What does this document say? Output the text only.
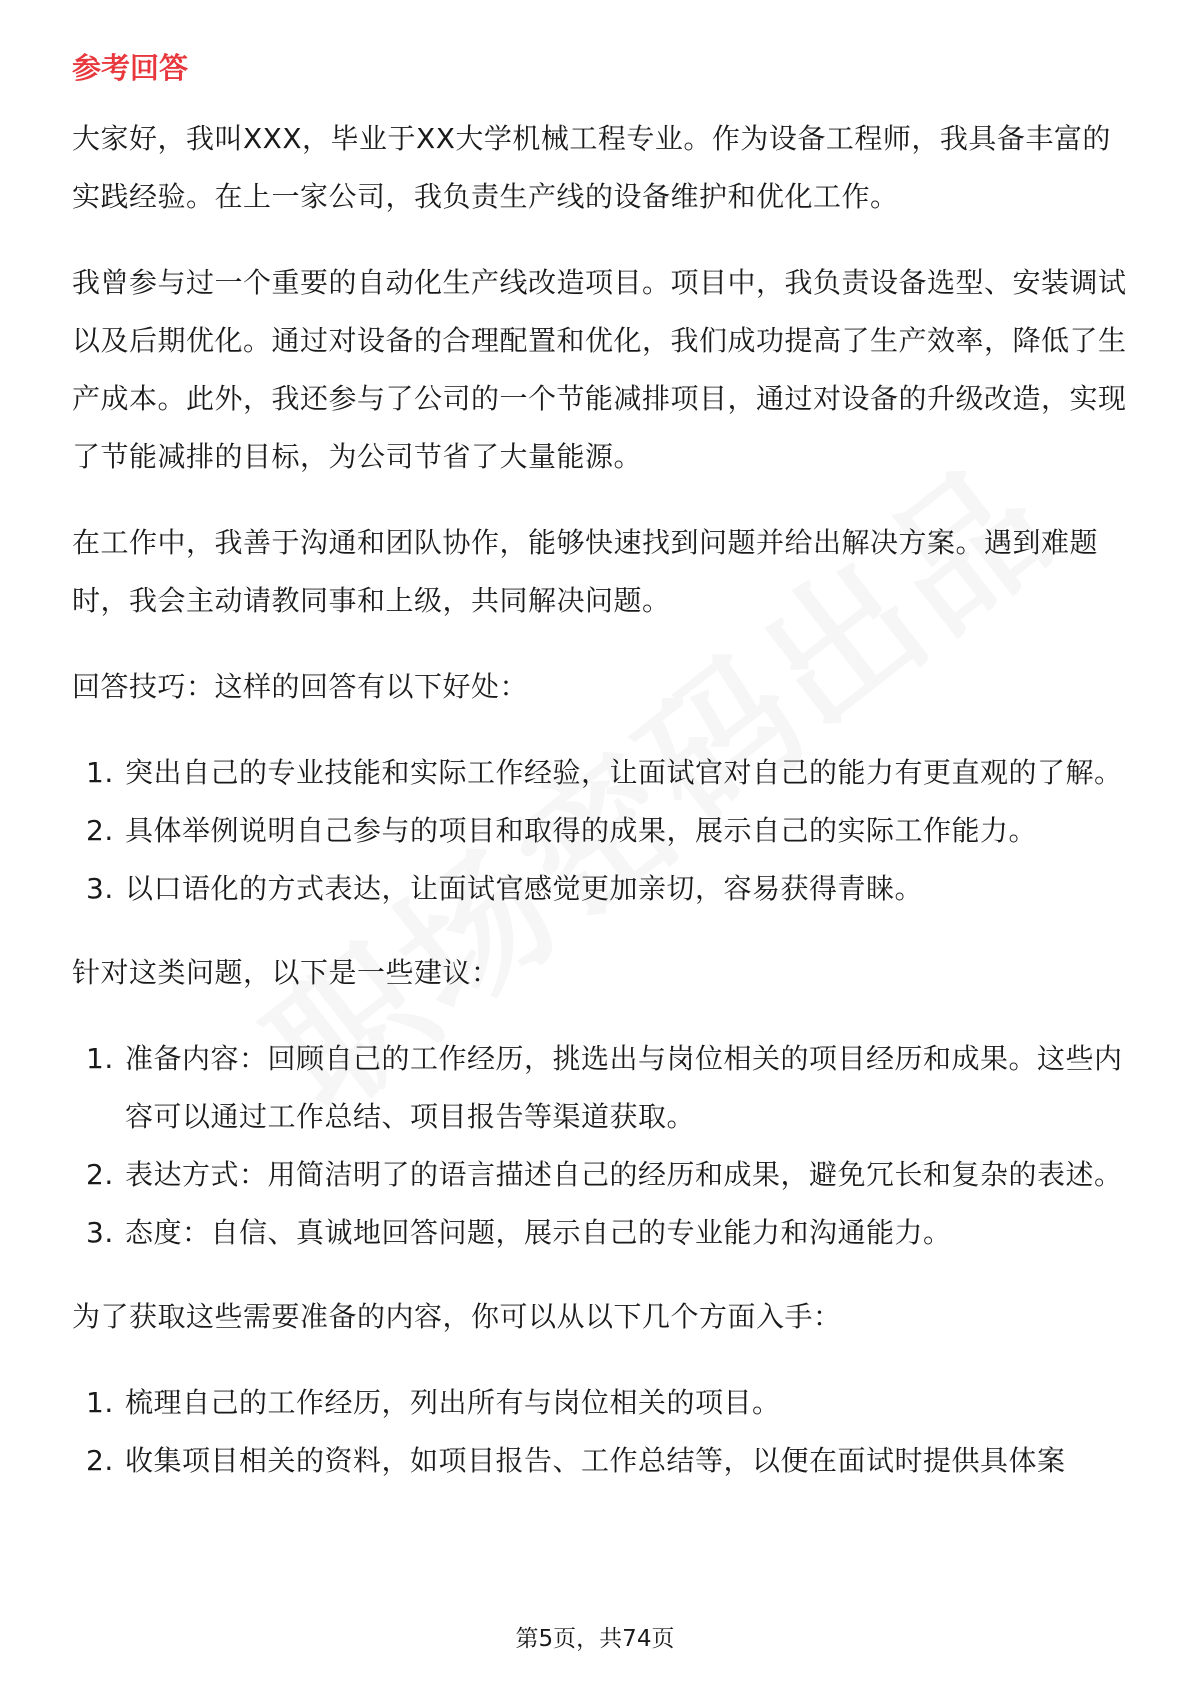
参考回答

大家好，我叫XXX，毕业于XX大学机械工程专业。作为设备工程师，我具备丰富的实践经验。在上一家公司，我负责生产线的设备维护和优化工作。

我曾参与过一个重要的自动化生产线改造项目。项目中，我负责设备选型、安装调试以及后期优化。通过对设备的合理配置和优化，我们成功提高了生产效率，降低了生产成本。此外，我还参与了公司的一个节能减排项目，通过对设备的升级改造，实现了节能减排的目标，为公司节省了大量能源。

在工作中，我善于沟通和团队协作，能够快速找到问题并给出解决方案。遇到难题时，我会主动请教同事和上级，共同解决问题。

回答技巧：这样的回答有以下好处：

1. 突出自己的专业技能和实际工作经验，让面试官对自己的能力有更直观的了解。
2. 具体举例说明自己参与的项目和取得的成果，展示自己的实际工作能力。
3. 以口语化的方式表达，让面试官感觉更加亲切，容易获得青睐。

针对这类问题，以下是一些建议：

1. 准备内容：回顾自己的工作经历，挑选出与岗位相关的项目经历和成果。这些内容可以通过工作总结、项目报告等渠道获取。
2. 表达方式：用简洁明了的语言描述自己的经历和成果，避免冗长和复杂的表述。
3. 态度：自信、真诚地回答问题，展示自己的专业能力和沟通能力。

为了获取这些需要准备的内容，你可以从以下几个方面入手：

1. 梳理自己的工作经历，列出所有与岗位相关的项目。
2. 收集项目相关的资料，如项目报告、工作总结等，以便在面试时提供具体案
第5页，共74页
